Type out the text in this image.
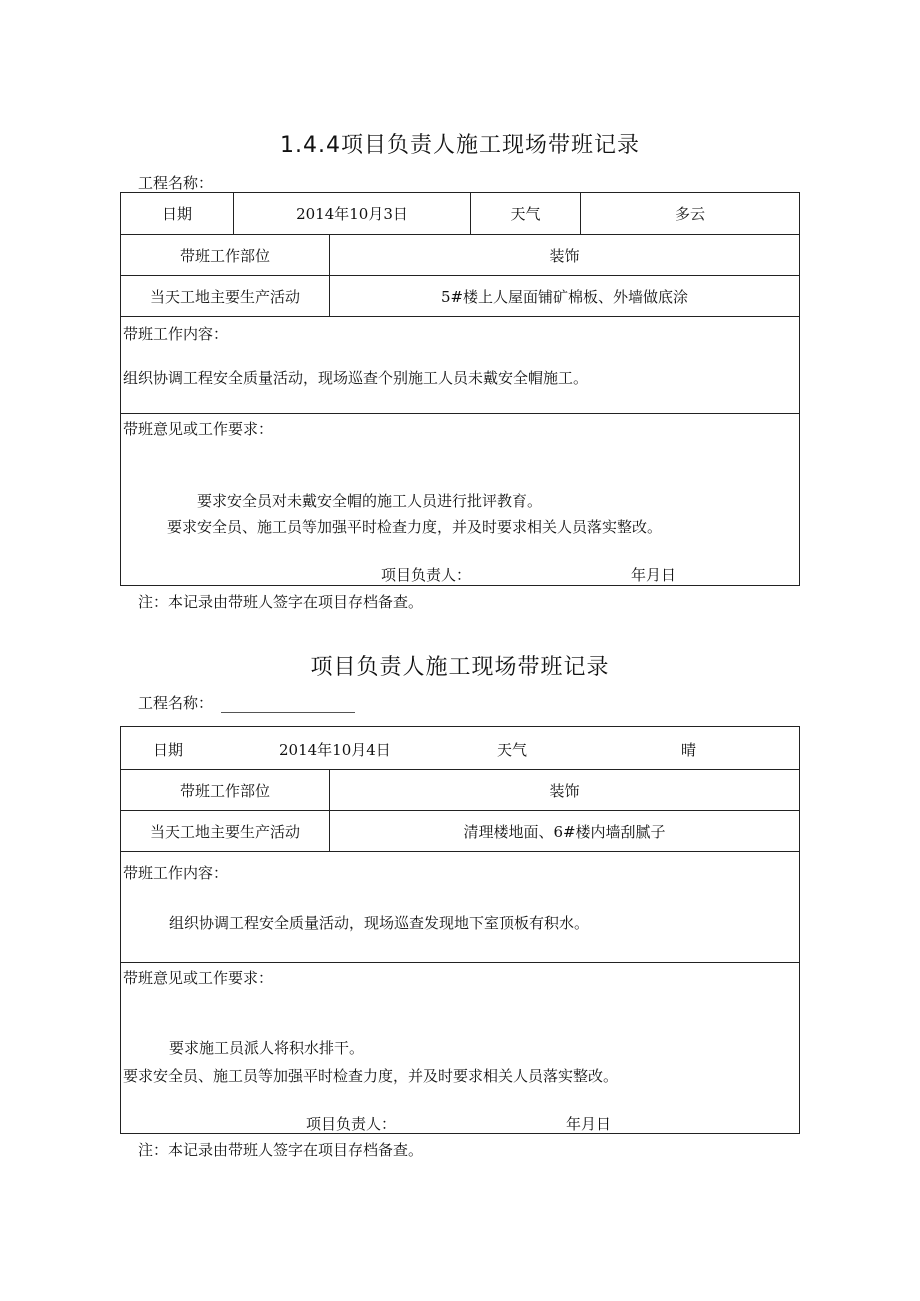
1.4.4项目负责人施工现场带班记录
工程名称：
日期	2014年10月3日	天气	多云
带班工作部位	装饰
当天工地主要生产活动	5#楼上人屋面铺矿棉板、外墙做底涂
带班工作内容：
组织协调工程安全质量活动，现场巡查个别施工人员未戴安全帽施工。
带班意见或工作要求：
要求安全员对未戴安全帽的施工人员进行批评教育。
要求安全员、施工员等加强平时检查力度，并及时要求相关人员落实整改。
项目负责人：	年月日
注：本记录由带班人签字在项目存档备查。
项目负责人施工现场带班记录
工程名称：
日期	2014年10月4日	天气	晴
带班工作部位	装饰
当天工地主要生产活动	清理楼地面、6#楼内墙刮腻子
带班工作内容：
组织协调工程安全质量活动，现场巡查发现地下室顶板有积水。
带班意见或工作要求：
要求施工员派人将积水排干。
要求安全员、施工员等加强平时检查力度，并及时要求相关人员落实整改。
项目负责人：	年月日
注：本记录由带班人签字在项目存档备查。
